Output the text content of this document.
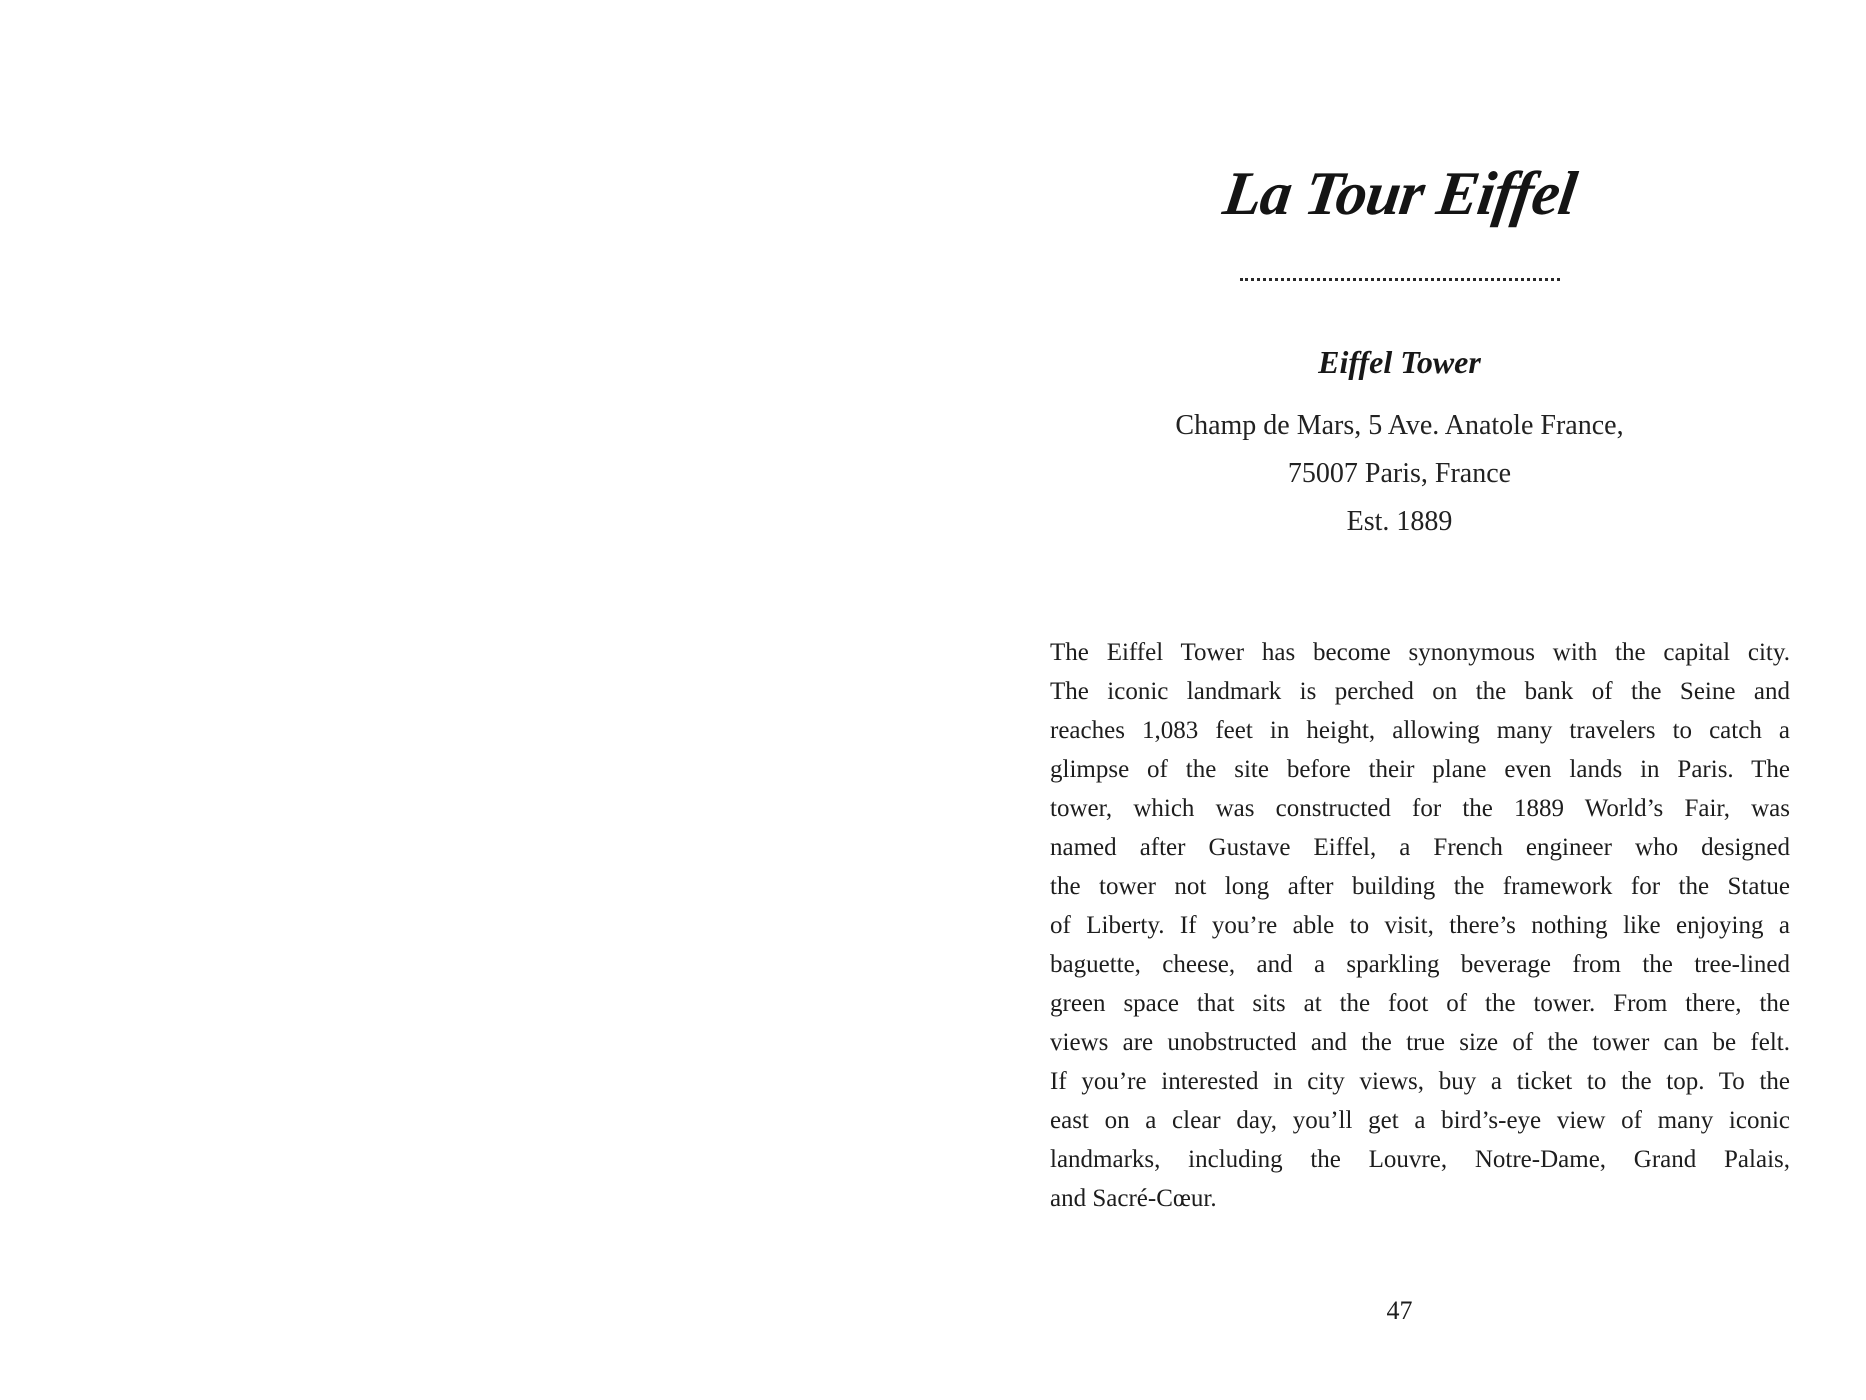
La Tour Eiffel
Eiffel Tower
Champ de Mars, 5 Ave. Anatole France,
75007 Paris, France
Est. 1889
The Eiffel Tower has become synonymous with the capital city.
The iconic landmark is perched on the bank of the Seine and
reaches 1,083 feet in height, allowing many travelers to catch a
glimpse of the site before their plane even lands in Paris. The
tower, which was constructed for the 1889 World’s Fair, was
named after Gustave Eiffel, a French engineer who designed
the tower not long after building the framework for the Statue
of Liberty. If you’re able to visit, there’s nothing like enjoying a
baguette, cheese, and a sparkling beverage from the tree-lined
green space that sits at the foot of the tower. From there, the
views are unobstructed and the true size of the tower can be felt.
If you’re interested in city views, buy a ticket to the top. To the
east on a clear day, you’ll get a bird’s-eye view of many iconic
landmarks, including the Louvre, Notre-Dame, Grand Palais,
and Sacré-Cœur.
47
